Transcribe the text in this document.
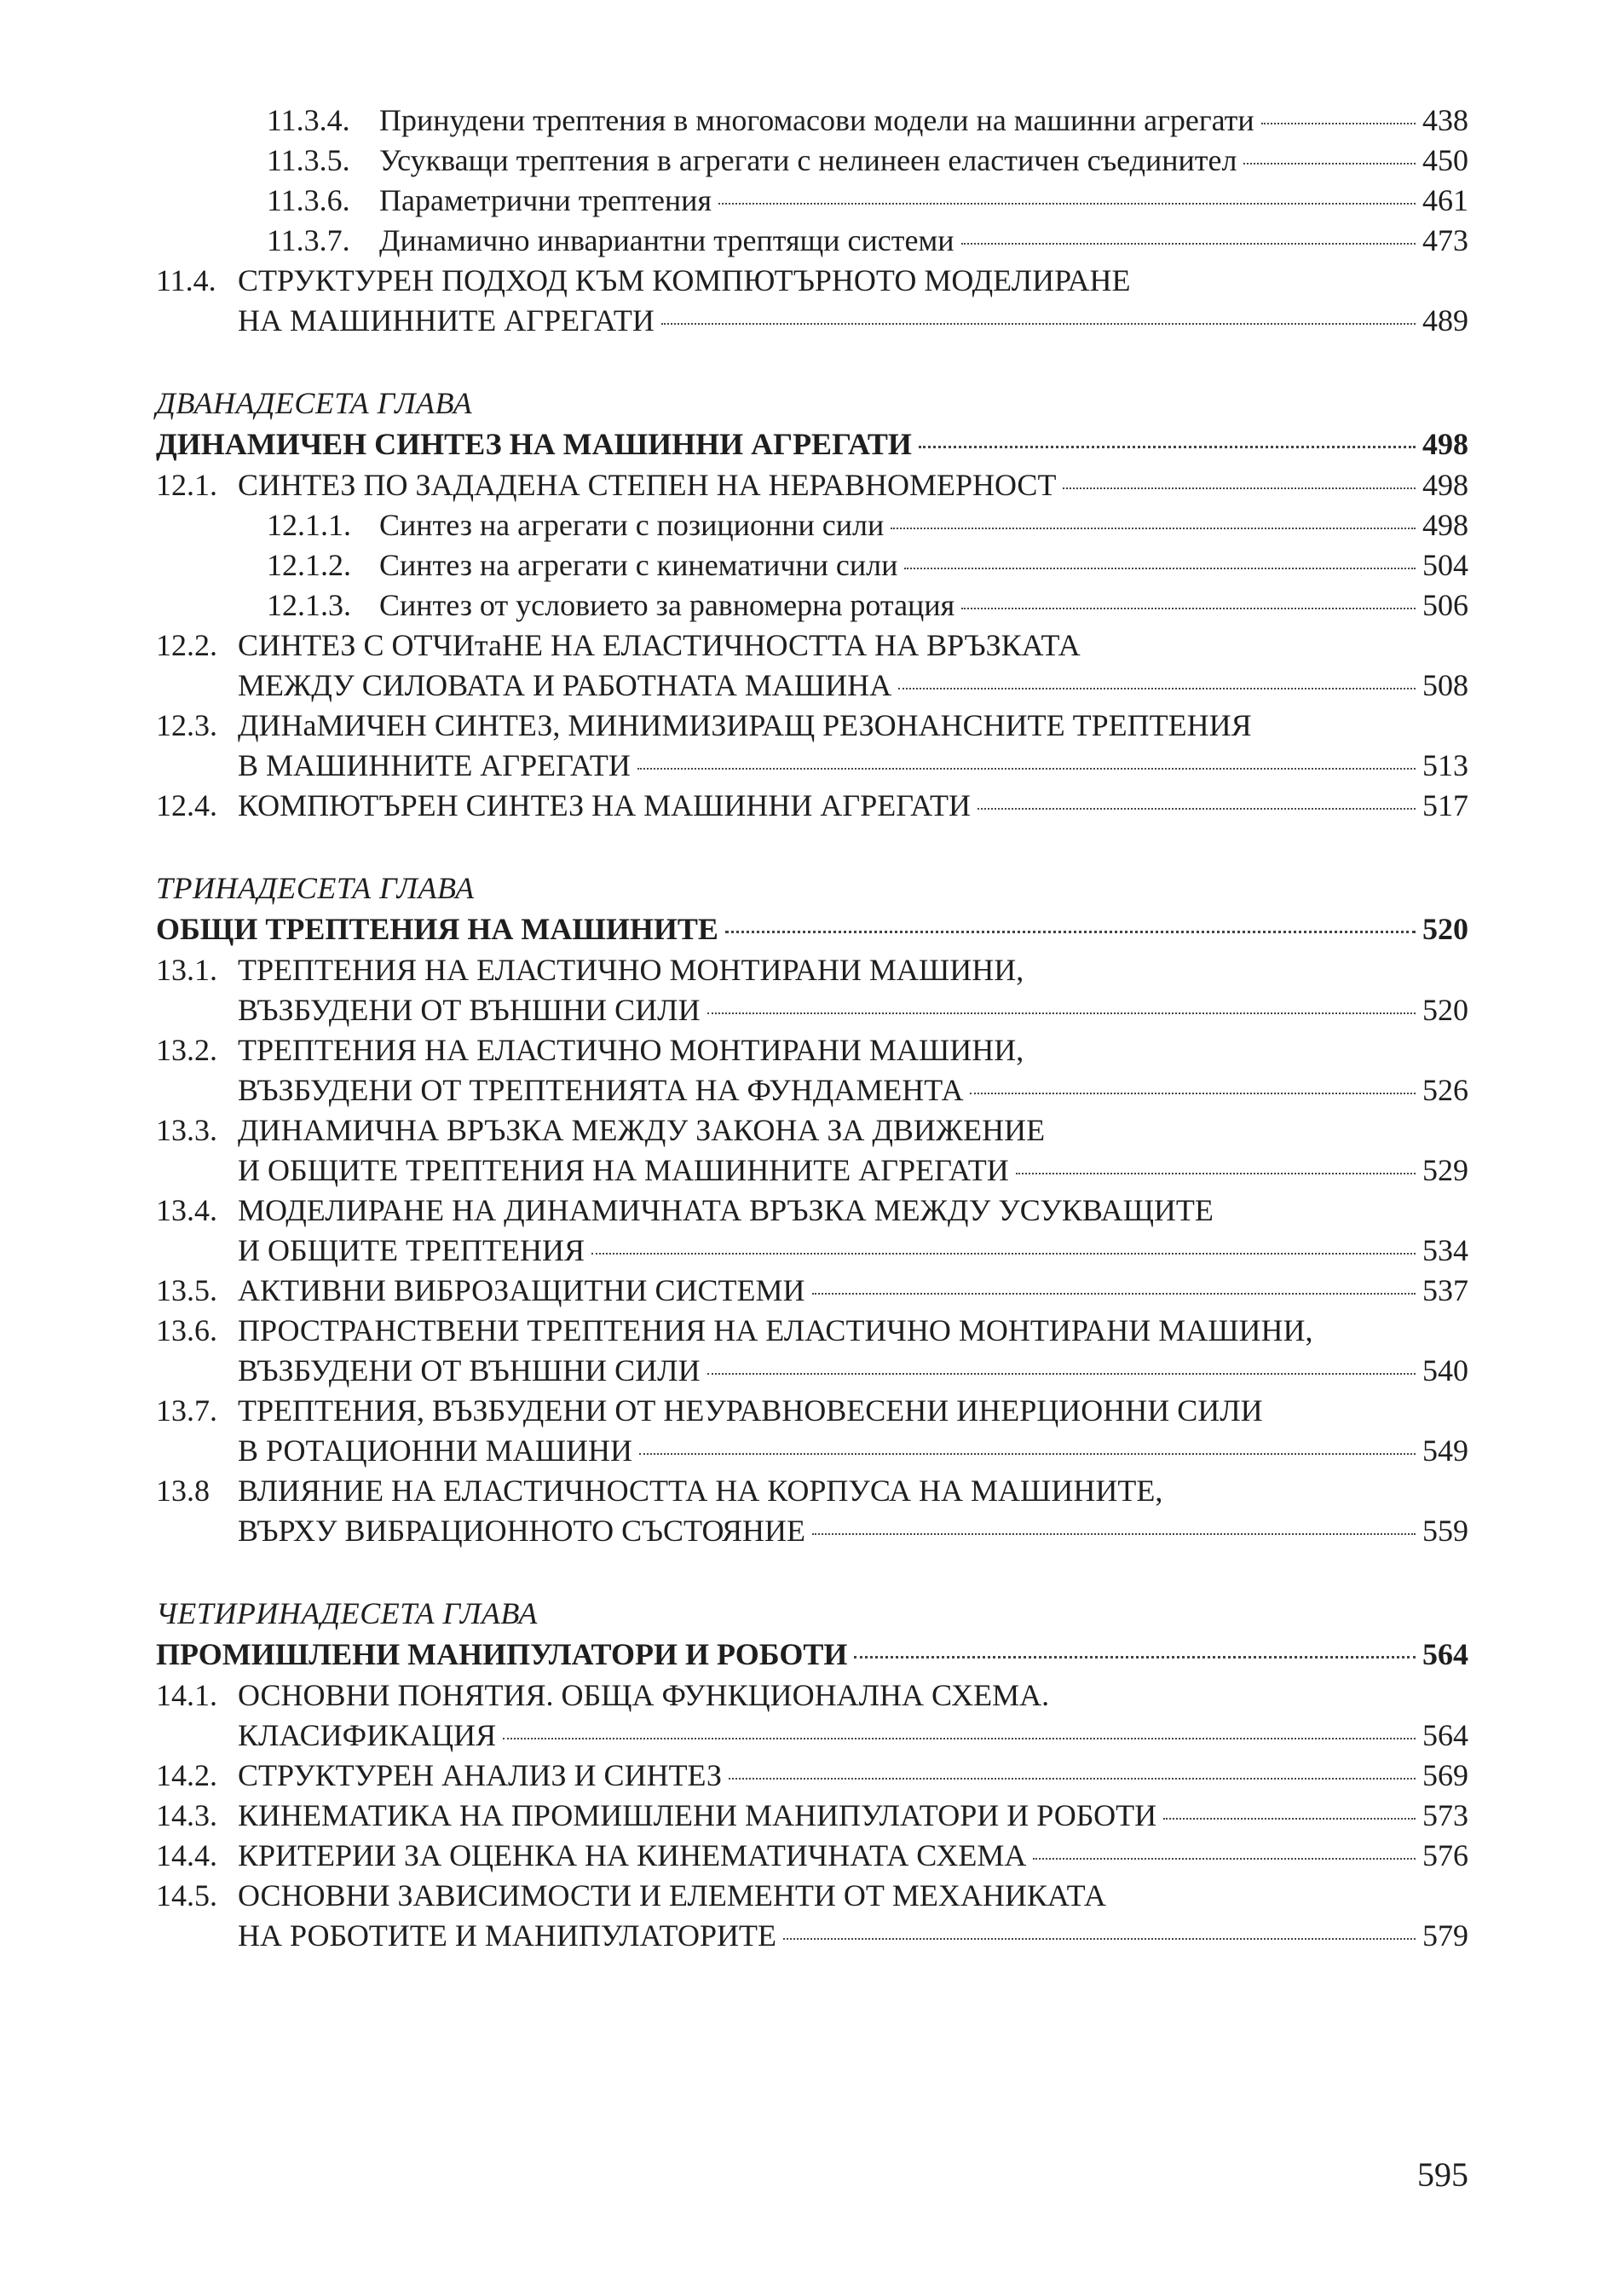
11.3.4. Принудени трептения в многомасови модели на машинни агрегати	438
11.3.5. Усукващи трептения в агрегати с нелинеен еластичен съединител	450
11.3.6. Параметрични трептения	461
11.3.7. Динамично инвариантни трептящи системи	473
11.4. СТРУКТУРЕН ПОДХОД КЪМ КОМПЮТЪРНОТО МОДЕЛИРАНЕ
НА МАШИННИТЕ АГРЕГАТИ	489
ДВАНАДЕСЕТА ГЛАВА
ДИНАМИЧЕН СИНТЕЗ НА МАШИННИ АГРЕГАТИ	498
12.1. СИНТЕЗ ПО ЗАДАДЕНА СТЕПЕН НА НЕРАВНОМЕРНОСТ	498
12.1.1. Синтез на агрегати с позиционни сили	498
12.1.2. Синтез на агрегати с кинематични сили	504
12.1.3. Синтез от условието за равномерна ротация	506
12.2. СИНТЕЗ С ОТЧИтаНЕ НА ЕЛАСТИЧНОСТТА НА ВРЪЗКАТА
МЕЖДУ СИЛОВАТА И РАБОТНАТА МАШИНА	508
12.3. ДИНаМИЧЕН СИНТЕЗ, МИНИМИЗИРАЩ РЕЗОНАНСНИТЕ ТРЕПТЕНИЯ
В МАШИННИТЕ АГРЕГАТИ	513
12.4. КОМПЮТЪРЕН СИНТЕЗ НА МАШИННИ АГРЕГАТИ	517
ТРИНАДЕСЕТА ГЛАВА
ОБЩИ ТРЕПТЕНИЯ НА МАШИНИТЕ	520
13.1. ТРЕПТЕНИЯ НА ЕЛАСТИЧНО МОНТИРАНИ МАШИНИ,
ВЪЗБУДЕНИ ОТ ВЪНШНИ СИЛИ	520
13.2. ТРЕПТЕНИЯ НА ЕЛАСТИЧНО МОНТИРАНИ МАШИНИ,
ВЪЗБУДЕНИ ОТ ТРЕПТЕНИЯТА НА ФУНДАМЕНТА	526
13.3. ДИНАМИЧНА ВРЪЗКА МЕЖДУ ЗАКОНА ЗА ДВИЖЕНИЕ
И ОБЩИТЕ ТРЕПТЕНИЯ НА МАШИННИТЕ АГРЕГАТИ	529
13.4. МОДЕЛИРАНЕ НА ДИНАМИЧНАТА ВРЪЗКА МЕЖДУ УСУКВАЩИТЕ
И ОБЩИТЕ ТРЕПТЕНИЯ	534
13.5. АКТИВНИ ВИБРОЗАЩИТНИ СИСТЕМИ	537
13.6. ПРОСТРАНСТВЕНИ ТРЕПТЕНИЯ НА ЕЛАСТИЧНО МОНТИРАНИ МАШИНИ,
ВЪЗБУДЕНИ ОТ ВЪНШНИ СИЛИ	540
13.7. ТРЕПТЕНИЯ, ВЪЗБУДЕНИ ОТ НЕУРАВНОВЕСЕНИ ИНЕРЦИОННИ СИЛИ
В РОТАЦИОННИ МАШИНИ	549
13.8 ВЛИЯНИЕ НА ЕЛАСТИЧНОСТТА НА КОРПУСА НА МАШИНИТЕ,
ВЪРХУ ВИБРАЦИОННОТО СЪСТОЯНИЕ	559
ЧЕТИРИНАДЕСЕТА ГЛАВА
ПРОМИШЛЕНИ МАНИПУЛАТОРИ И РОБОТИ	564
14.1. ОСНОВНИ ПОНЯТИЯ. ОБЩА ФУНКЦИОНАЛНА СХЕМА.
КЛАСИФИКАЦИЯ	564
14.2. СТРУКТУРЕН АНАЛИЗ И СИНТЕЗ	569
14.3. КИНЕМАТИКА НА ПРОМИШЛЕНИ МАНИПУЛАТОРИ И РОБОТИ	573
14.4. КРИТЕРИИ ЗА ОЦЕНКА НА КИНЕМАТИЧНАТА СХЕМА	576
14.5. ОСНОВНИ ЗАВИСИМОСТИ И ЕЛЕМЕНТИ ОТ МЕХАНИКАТА
НА РОБОТИТЕ И МАНИПУЛАТОРИТЕ	579
595
